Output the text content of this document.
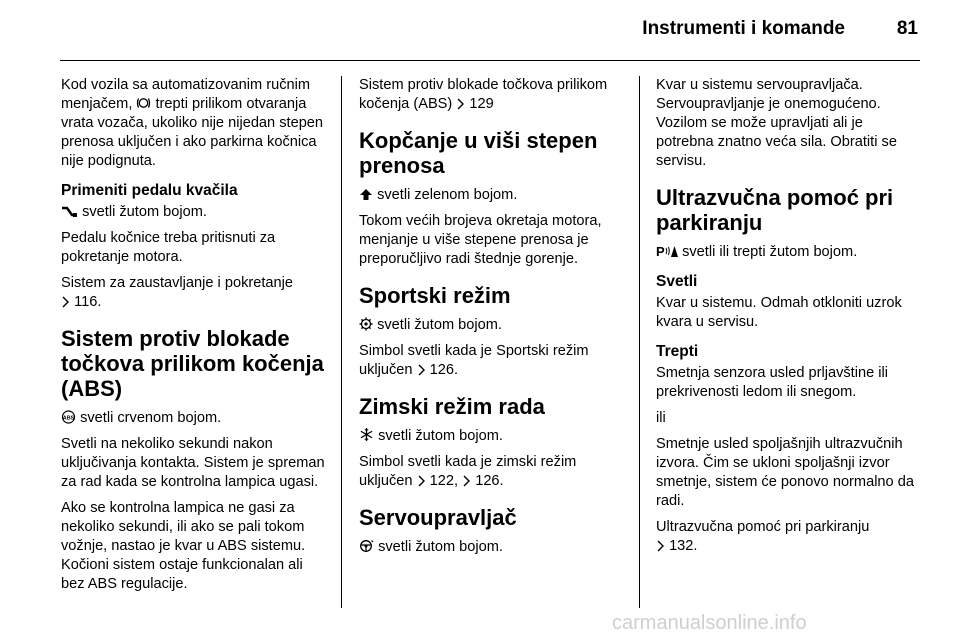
Instrumenti i komande	81

Kod vozila sa automatizovanim ručnim menjačem, trepti prilikom otvaranja vrata vozača, ukoliko nije nijedan stepen prenosa uključen i ako parkirna kočnica nije podignuta.

Primeniti pedalu kvačila

svetli žutom bojom.

Pedalu kočnice treba pritisnuti za pokretanje motora.

Sistem za zaustavljanje i pokretanje
116.

Sistem protiv blokade točkova prilikom kočenja (ABS)

ABS svetli crvenom bojom.

Svetli na nekoliko sekundi nakon uključivanja kontakta. Sistem je spreman za rad kada se kontrolna lampica ugasi.

Ako se kontrolna lampica ne gasi za nekoliko sekundi, ili ako se pali tokom vožnje, nastao je kvar u ABS sistemu. Kočioni sistem ostaje funkcionalan ali bez ABS regulacije.

Sistem protiv blokade točkova prilikom kočenja (ABS) 129

Kopčanje u viši stepen prenosa

svetli zelenom bojom.

Tokom većih brojeva okretaja motora, menjanje u više stepene prenosa je preporučljivo radi štednje gorenje.

Sportski režim

svetli žutom bojom.

Simbol svetli kada je Sportski režim uključen 126.

Zimski režim rada

svetli žutom bojom.

Simbol svetli kada je zimski režim uključen 122, 126.

Servoupravljač

svetli žutom bojom.

Kvar u sistemu servoupravljača. Servoupravljanje je onemogućeno. Vozilom se može upravljati ali je potrebna znatno veća sila. Obratiti se servisu.

Ultrazvučna pomoć pri parkiranju

P svetli ili trepti žutom bojom.

Svetli

Kvar u sistemu. Odmah otkloniti uzrok kvara u servisu.

Trepti

Smetnja senzora usled prljavštine ili prekrivenosti ledom ili snegom.

ili

Smetnje usled spoljašnjih ultrazvučnih izvora. Čim se ukloni spoljašnji izvor smetnje, sistem će ponovo normalno da radi.

Ultrazvučna pomoć pri parkiranju
132.

carmanualsonline.info
